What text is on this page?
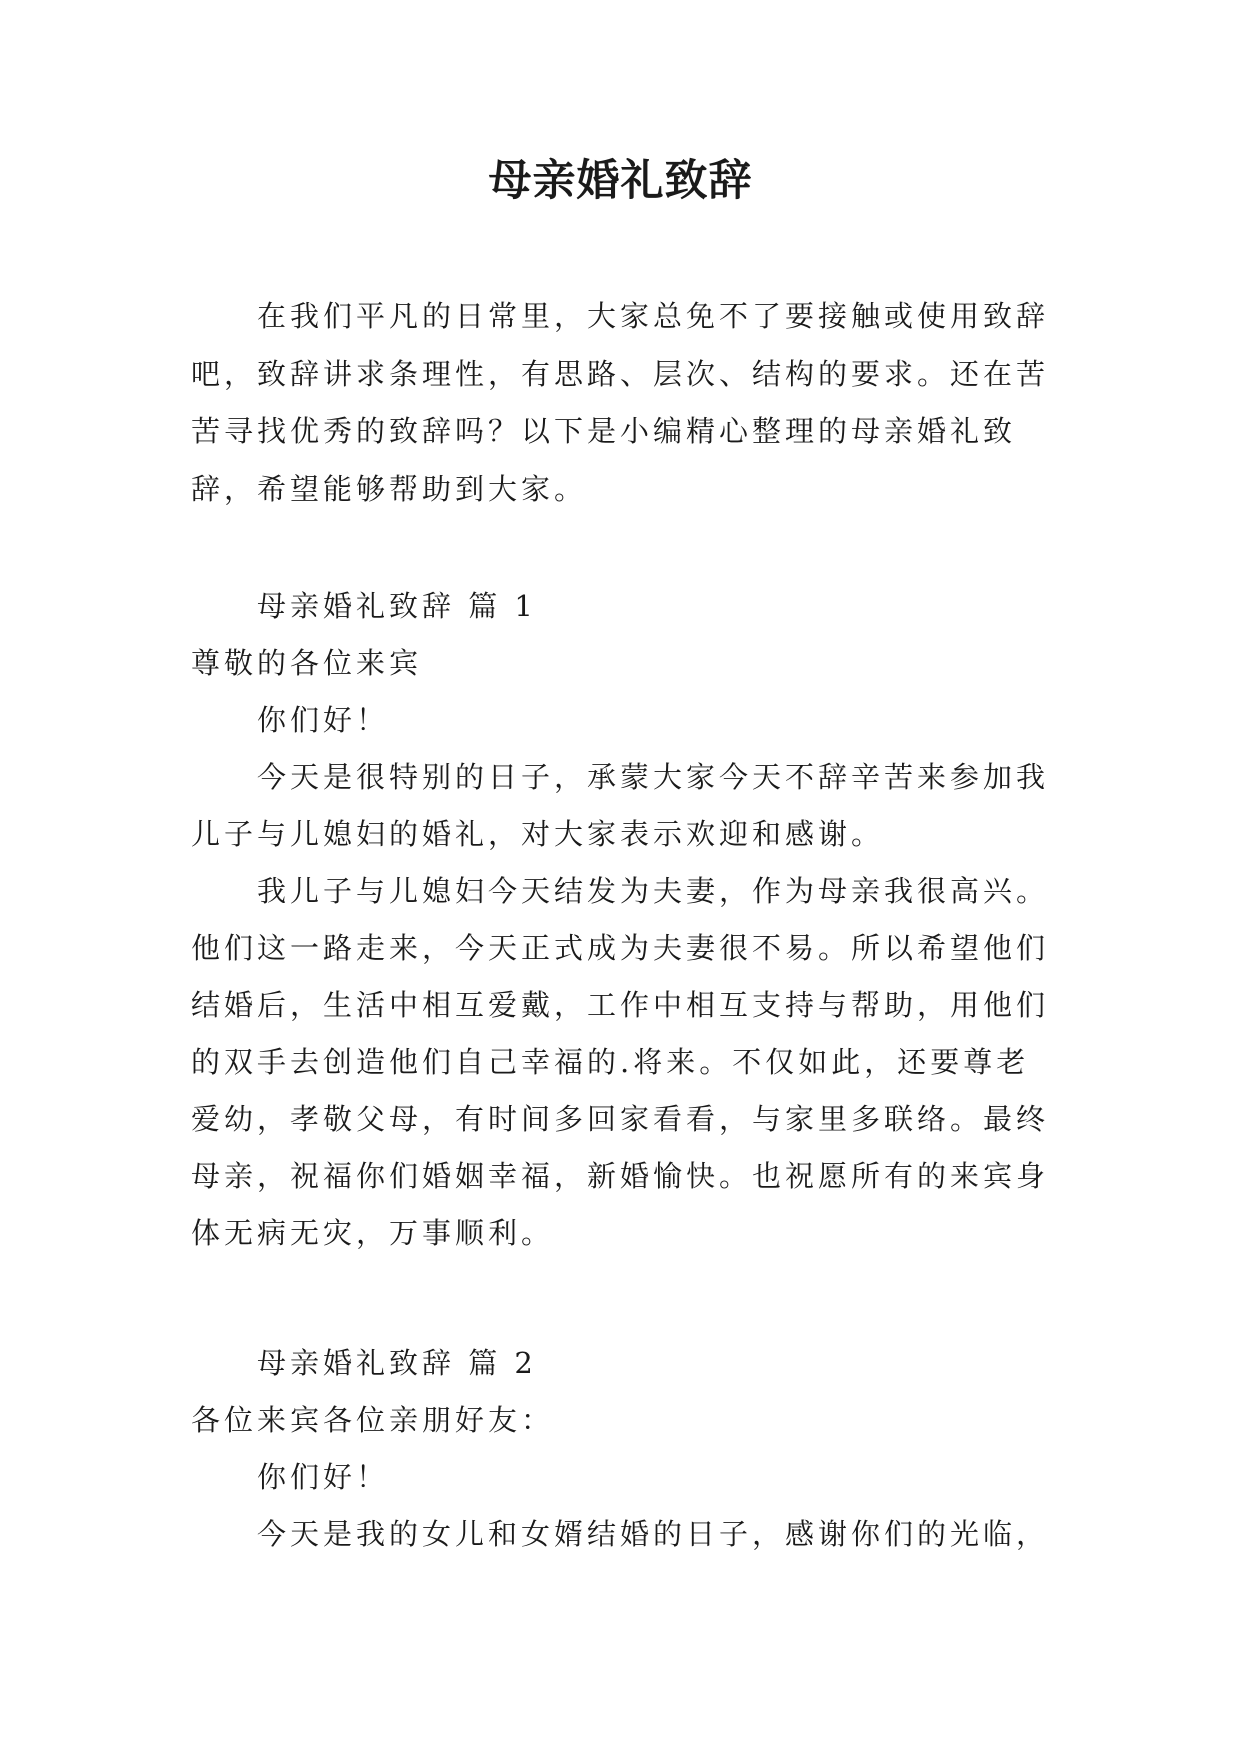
母亲婚礼致辞

在我们平凡的日常里，大家总免不了要接触或使用致辞吧，致辞讲求条理性，有思路、层次、结构的要求。还在苦苦寻找优秀的致辞吗？以下是小编精心整理的母亲婚礼致辞，希望能够帮助到大家。

母亲婚礼致辞 篇 1

尊敬的各位来宾

你们好！

今天是很特别的日子，承蒙大家今天不辞辛苦来参加我儿子与儿媳妇的婚礼，对大家表示欢迎和感谢。

我儿子与儿媳妇今天结发为夫妻，作为母亲我很高兴。他们这一路走来，今天正式成为夫妻很不易。所以希望他们结婚后，生活中相互爱戴，工作中相互支持与帮助，用他们的双手去创造他们自己幸福的.将来。不仅如此，还要尊老爱幼，孝敬父母，有时间多回家看看，与家里多联络。最终母亲，祝福你们婚姻幸福，新婚愉快。也祝愿所有的来宾身体无病无灾，万事顺利。

母亲婚礼致辞 篇 2

各位来宾各位亲朋好友：

你们好！

今天是我的女儿和女婿结婚的日子，感谢你们的光临，
